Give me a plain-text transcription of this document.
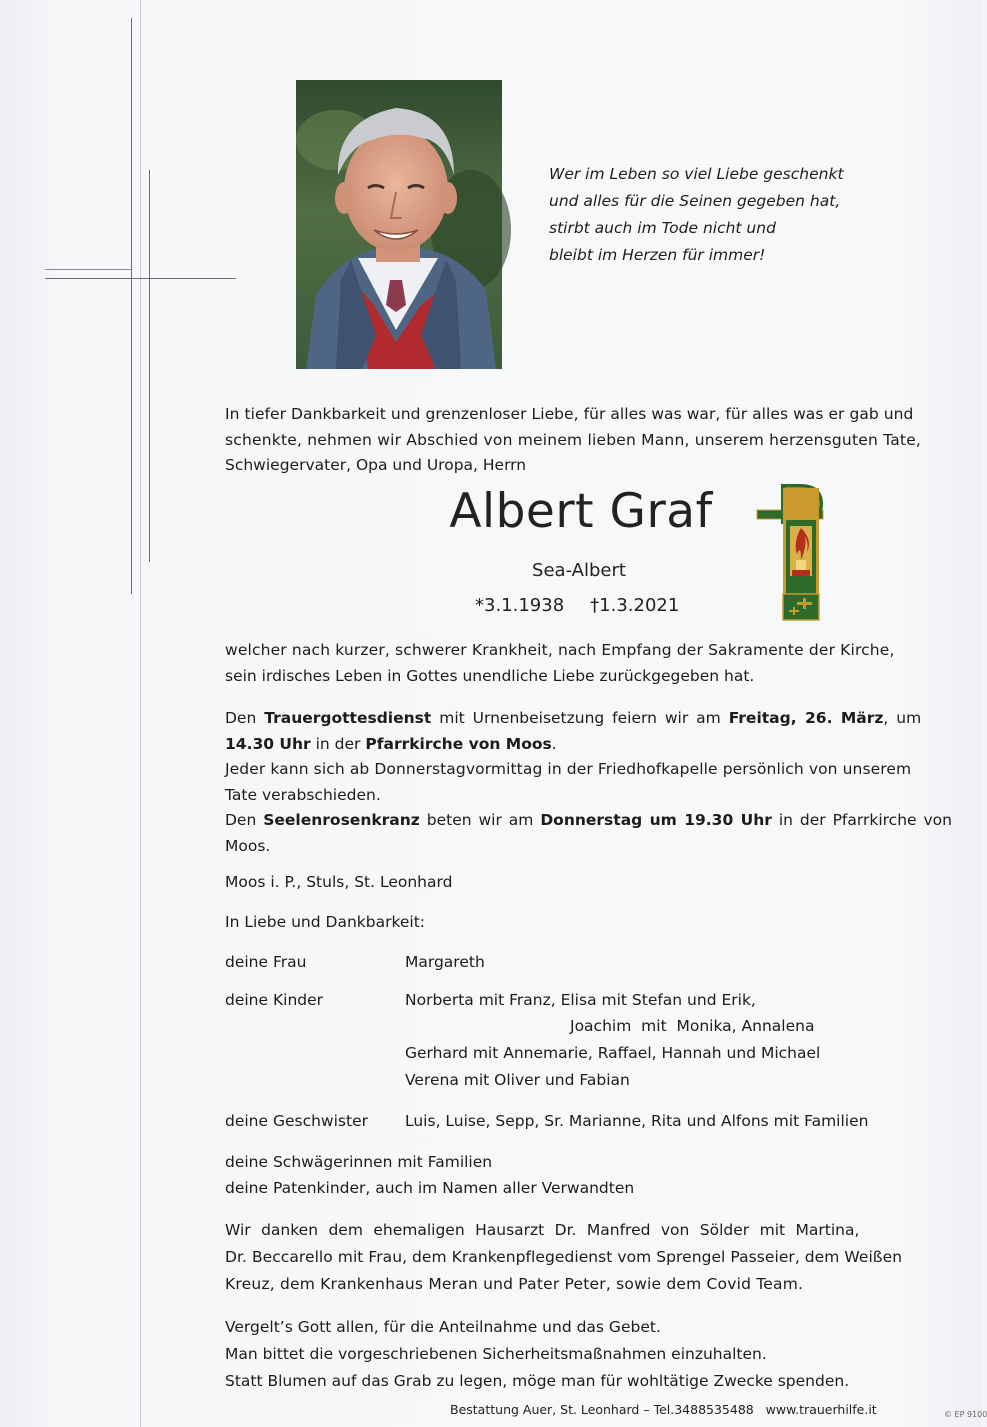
Wer im Leben so viel Liebe geschenkt
und alles für die Seinen gegeben hat,
stirbt auch im Tode nicht und
bleibt im Herzen für immer!
In tiefer Dankbarkeit und grenzenloser Liebe, für alles was war, für alles was er gab und
schenkte, nehmen wir Abschied von meinem lieben Mann, unserem herzensguten Tate,
Schwiegervater, Opa und Uropa, Herrn
Albert Graf
Sea-Albert
*3.1.1938 †1.3.2021
welcher nach kurzer, schwerer Krankheit, nach Empfang der Sakramente der Kirche,
sein irdisches Leben in Gottes unendliche Liebe zurückgegeben hat.
Den Trauergottesdienst mit Urnenbeisetzung feiern wir am Freitag, 26. März, um
14.30 Uhr in der Pfarrkirche von Moos.
Jeder kann sich ab Donnerstagvormittag in der Friedhofkapelle persönlich von unserem
Tate verabschieden.
Den Seelenrosenkranz beten wir am Donnerstag um 19.30 Uhr in der Pfarrkirche von
Moos.
Moos i. P., Stuls, St. Leonhard
In Liebe und Dankbarkeit:
deine Frau	Margareth
deine Kinder	Norberta mit Franz, Elisa mit Stefan und Erik,
Joachim  mit  Monika, Annalena
Gerhard mit Annemarie, Raffael, Hannah und Michael
Verena mit Oliver und Fabian
deine Geschwister Luis, Luise, Sepp, Sr. Marianne, Rita und Alfons mit Familien
deine Schwägerinnen mit Familien
deine Patenkinder, auch im Namen aller Verwandten
Wir danken dem ehemaligen Hausarzt Dr. Manfred von Sölder mit Martina,
Dr. Beccarello mit Frau, dem Krankenpflegedienst vom Sprengel Passeier, dem Weißen
Kreuz, dem Krankenhaus Meran und Pater Peter, sowie dem Covid Team.
Vergelt’s Gott allen, für die Anteilnahme und das Gebet.
Man bittet die vorgeschriebenen Sicherheitsmaßnahmen einzuhalten.
Statt Blumen auf das Grab zu legen, möge man für wohltätige Zwecke spenden.
Bestattung Auer, St. Leonhard – Tel.3488535488   www.trauerhilfe.it	© EP 9100
